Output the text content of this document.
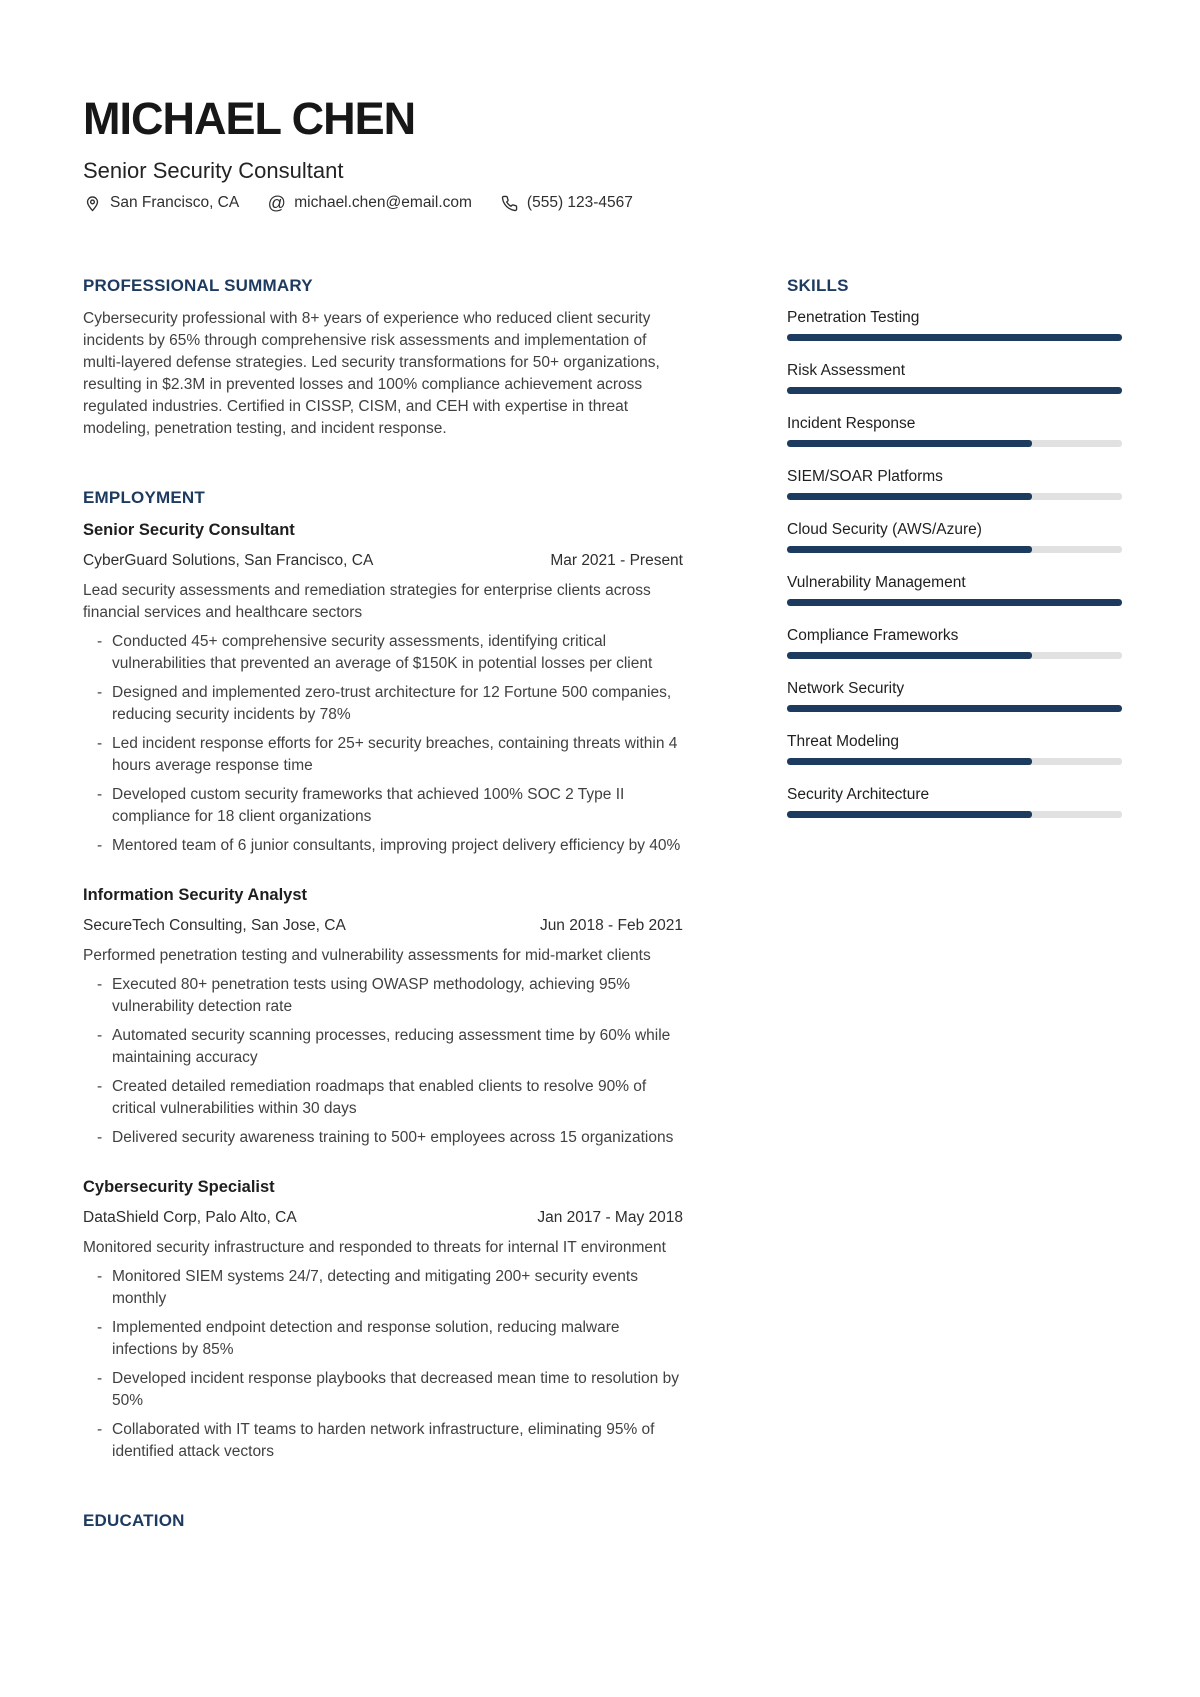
MICHAEL CHEN
Senior Security Consultant
San Francisco, CA @ michael.chen@email.com	(555) 123-4567
PROFESSIONAL SUMMARY

Cybersecurity professional with 8+ years of experience who reduced client security incidents by 65% through comprehensive risk assessments and implementation of multi-layered defense strategies. Led security transformations for 50+ organizations, resulting in $2.3M in prevented losses and 100% compliance achievement across regulated industries. Certified in CISSP, CISM, and CEH with expertise in threat modeling, penetration testing, and incident response.

EMPLOYMENT
Senior Security Consultant
CyberGuard Solutions, San Francisco, CA	Mar 2021 - Present

Lead security assessments and remediation strategies for enterprise clients across financial services and healthcare sectors

- Conducted 45+ comprehensive security assessments, identifying critical vulnerabilities that prevented an average of $150K in potential losses per client
- Designed and implemented zero-trust architecture for 12 Fortune 500 companies, reducing security incidents by 78%
- Led incident response efforts for 25+ security breaches, containing threats within 4 hours average response time
- Developed custom security frameworks that achieved 100% SOC 2 Type II compliance for 18 client organizations
- Mentored team of 6 junior consultants, improving project delivery efficiency by 40%
Information Security Analyst
SecureTech Consulting, San Jose, CA	Jun 2018 - Feb 2021

Performed penetration testing and vulnerability assessments for mid-market clients

- Executed 80+ penetration tests using OWASP methodology, achieving 95% vulnerability detection rate
- Automated security scanning processes, reducing assessment time by 60% while maintaining accuracy
- Created detailed remediation roadmaps that enabled clients to resolve 90% of critical vulnerabilities within 30 days
- Delivered security awareness training to 500+ employees across 15 organizations
Cybersecurity Specialist
DataShield Corp, Palo Alto, CA	Jan 2017 - May 2018

Monitored security infrastructure and responded to threats for internal IT environment

- Monitored SIEM systems 24/7, detecting and mitigating 200+ security events monthly
- Implemented endpoint detection and response solution, reducing malware infections by 85%
- Developed incident response playbooks that decreased mean time to resolution by 50%
- Collaborated with IT teams to harden network infrastructure, eliminating 95% of identified attack vectors
EDUCATION
SKILLS
Penetration Testing
Risk Assessment
Incident Response
SIEM/SOAR Platforms
Cloud Security (AWS/Azure)
Vulnerability Management
Compliance Frameworks
Network Security
Threat Modeling
Security Architecture
